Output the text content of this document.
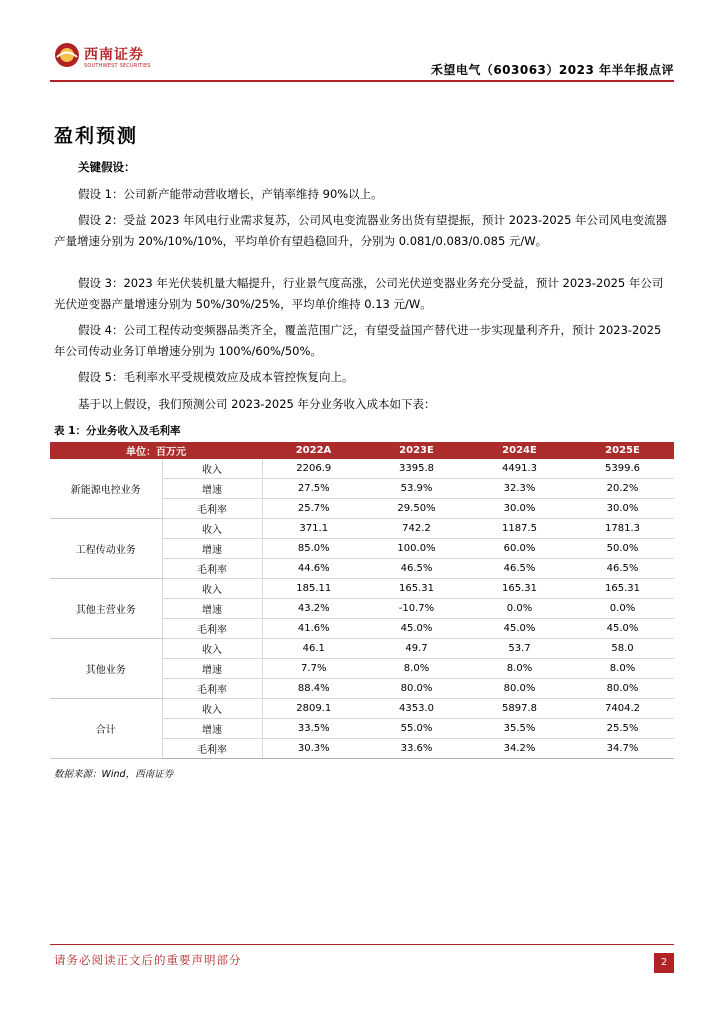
西南证券
SOUTHWEST SECURITIES	禾望电气（603063）2023 年半年报点评
盈利预测
关键假设：
假设 1：公司新产能带动营收增长，产销率维持 90%以上。
假设 2：受益 2023 年风电行业需求复苏，公司风电变流器业务出货有望提振，预计 2023-2025 年公司风电变流器产量增速分别为 20%/10%/10%，平均单价有望趋稳回升，分别为 0.081/0.083/0.085 元/W。
假设 3：2023 年光伏装机量大幅提升，行业景气度高涨，公司光伏逆变器业务充分受益，预计 2023-2025 年公司光伏逆变器产量增速分别为 50%/30%/25%，平均单价维持 0.13 元/W。
假设 4：公司工程传动变频器品类齐全，覆盖范围广泛，有望受益国产替代进一步实现量利齐升，预计 2023-2025 年公司传动业务订单增速分别为 100%/60%/50%。
假设 5：毛利率水平受规模效应及成本管控恢复向上。
基于以上假设，我们预测公司 2023-2025 年分业务收入成本如下表：
表 1：分业务收入及毛利率
单位：百万元		2022A	2023E	2024E	2025E
新能源电控业务	收入	2206.9	3395.8	4491.3	5399.6
	增速	27.5%	53.9%	32.3%	20.2%
	毛利率	25.7%	29.50%	30.0%	30.0%
工程传动业务	收入	371.1	742.2	1187.5	1781.3
	增速	85.0%	100.0%	60.0%	50.0%
	毛利率	44.6%	46.5%	46.5%	46.5%
其他主营业务	收入	185.11	165.31	165.31	165.31
	增速	43.2%	-10.7%	0.0%	0.0%
	毛利率	41.6%	45.0%	45.0%	45.0%
其他业务	收入	46.1	49.7	53.7	58.0
	增速	7.7%	8.0%	8.0%	8.0%
	毛利率	88.4%	80.0%	80.0%	80.0%
合计	收入	2809.1	4353.0	5897.8	7404.2
	增速	33.5%	55.0%	35.5%	25.5%
	毛利率	30.3%	33.6%	34.2%	34.7%
数据来源：Wind，西南证券
请务必阅读正文后的重要声明部分	2
